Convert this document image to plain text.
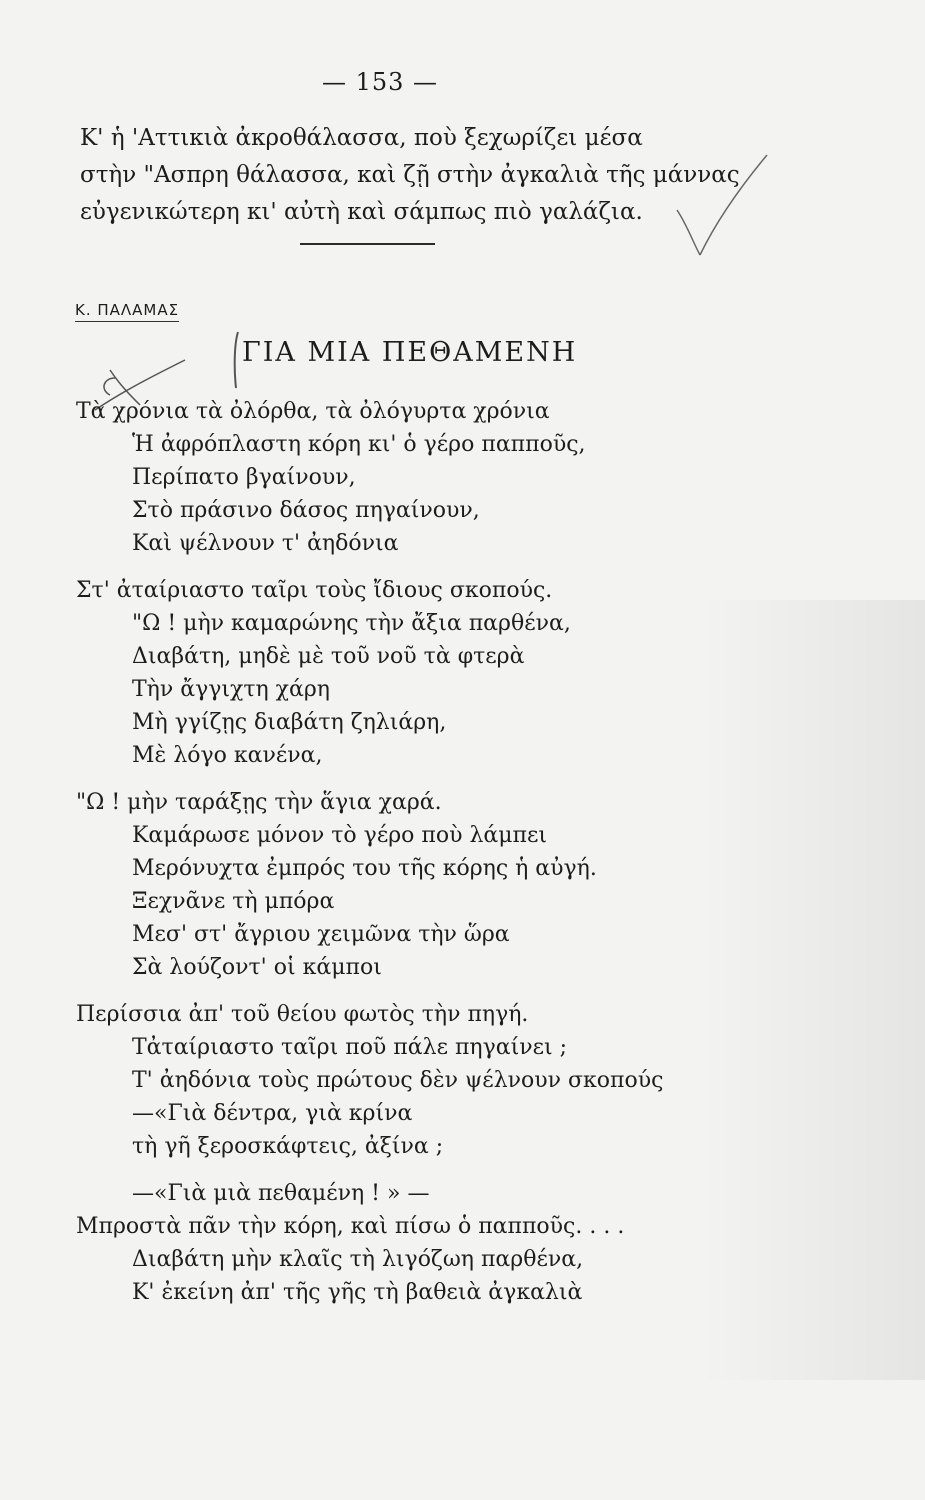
— 153 —
Κ' ἡ 'Αττικιὰ ἀκροθάλασσα, ποὺ ξεχωρίζει μέσα
στὴν "Ασπρη θάλασσα, καὶ ζῇ στὴν ἀγκαλιὰ τῆς μάννας
εὐγενικώτερη κι' αὐτὴ καὶ σάμπως πιὸ γαλάζια.
Κ. ΠΑΛΑΜΑΣ
ΓΙΑ ΜΙΑ ΠΕΘΑΜΕΝΗ
Τὰ χρόνια τὰ ὀλόρθα, τὰ ὀλόγυρτα χρόνια
Ἡ ἀφρόπλαστη κόρη κι' ὁ γέρο παπποῦς,
Περίπατο βγαίνουν,
Στὸ πράσινο δάσος πηγαίνουν,
Καὶ ψέλνουν τ' ἀηδόνια
Στ' ἀταίριαστο ταῖρι τοὺς ἴδιους σκοπούς.
"Ω ! μὴν καμαρώνης τὴν ἄξια παρθένα,
Διαβάτη, μηδὲ μὲ τοῦ νοῦ τὰ φτερὰ
Τὴν ἄγγιχτη χάρη
Μὴ γγίζῃς διαβάτη ζηλιάρη,
Μὲ λόγο κανένα,
"Ω ! μὴν ταράξῃς τὴν ἅγια χαρά.
Καμάρωσε μόνον τὸ γέρο ποὺ λάμπει
Μερόνυχτα ἐμπρός του τῆς κόρης ἡ αὐγή.
Ξεχνᾶνε τὴ μπόρα
Μεσ' στ' ἄγριου χειμῶνα τὴν ὥρα
Σὰ λούζοντ' οἱ κάμποι
Περίσσια ἀπ' τοῦ θείου φωτὸς τὴν πηγή.
Τἀταίριαστο ταῖρι ποῦ πάλε πηγαίνει ;
Τ' ἀηδόνια τοὺς πρώτους δὲν ψέλνουν σκοπούς
—«Γιὰ δέντρα, γιὰ κρίνα
τὴ γῆ ξεροσκάφτεις, ἀξίνα ;
—«Γιὰ μιὰ πεθαμένη ! » —
Μπροστὰ πᾶν τὴν κόρη, καὶ πίσω ὁ παπποῦς. . . .
Διαβάτη μὴν κλαῖς τὴ λιγόζωη παρθένα,
Κ' ἐκείνη ἀπ' τῆς γῆς τὴ βαθειὰ ἀγκαλιὰ
